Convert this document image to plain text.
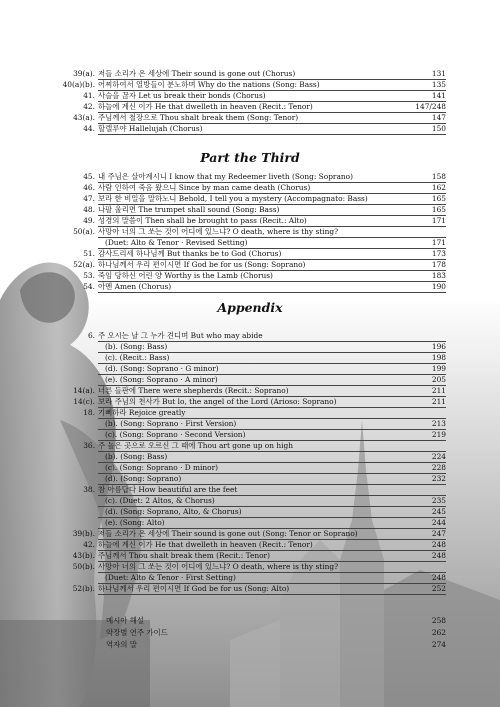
39(a). 저들 소리가 온 세상에 Their sound is gone out (Chorus)	131
40(a)(b). 어찌하여서 열방들이 분노하며 Why do the nations (Song: Bass)	135
41. 사슬을 끊자 Let us break their bonds (Chorus)	141
42. 하늘에 계신 이가 He that dwelleth in heaven (Recit.: Tenor)	147/248
43(a). 주님께서 철장으로 Thou shalt break them (Song: Tenor)	147
44. 할렐루야 Hallelujah (Chorus)	150
Part the Third
45. 내 주님은 살아계시니 I know that my Redeemer liveth (Song: Soprano)	158
46. 사람 인하여 죽음 왔으니 Since by man came death (Chorus)	162
47. 보라 한 비밀을 말하노니 Behold, I tell you a mystery (Accompagnato: Bass)	165
48. 나팔 울리면 The trumpet shall sound (Song: Bass)	165
49. 성경의 말씀이 Then shall be brought to pass (Recit.: Alto)	171
50(a). 사망아 너의 그 쏘는 것이 어디에 있느냐? O death, where is thy sting?
(Duet: Alto & Tenor · Revised Setting)	171
51. 감사드리세 하나님께 But thanks be to God (Chorus)	173
52(a). 하나님께서 우리 편이시면 If God be for us (Song: Soprano)	178
53. 죽임 당하신 어린 양 Worthy is the Lamb (Chorus)	183
54. 아멘 Amen (Chorus)	190
Appendix
6. 주 오시는 날 그 누가 견디며 But who may abide
(b). (Song: Bass)	196
(c). (Recit.: Bass)	198
(d). (Song: Soprano · G minor)	199
(e). (Song: Soprano · A minor)	205
14(a). 너른 들판에 There were shepherds (Recit.: Soprano)	211
14(c). 보라 주님의 천사가 But lo, the angel of the Lord (Arioso: Soprano)	211
18. 기뻐하라 Rejoice greatly
(b). (Song: Soprano · First Version)	213
(c). (Song: Soprano · Second Version)	219
36. 주 높은 곳으로 오르신 그 때에 Thou art gone up on high
(b). (Song: Bass)	224
(c). (Song: Soprano · D minor)	228
(d). (Song: Soprano)	232
38. 참 아름답다 How beautiful are the feet
(c). (Duet: 2 Altos, & Chorus)	235
(d). (Song: Soprano, Alto, & Chorus)	245
(e). (Song: Alto)	244
39(b). 저들 소리가 온 세상에 Their sound is gone out (Song: Tenor or Soprano)	247
42. 하늘에 계신 이가 He that dwelleth in heaven (Recit.: Tenor)	248
43(b). 주님께서 Thou shalt break them (Recit.: Tenor)	248
50(b). 사망아 너의 그 쏘는 것이 어디에 있느냐? O death, where is thy sting?
(Duet: Alto & Tenor · First Setting)	248
52(b). 하나님께서 우리 편이시면 If God be for us (Song: Alto)	252
메시아 해설	258
악장별 연주 가이드	262
역자의 말	274
